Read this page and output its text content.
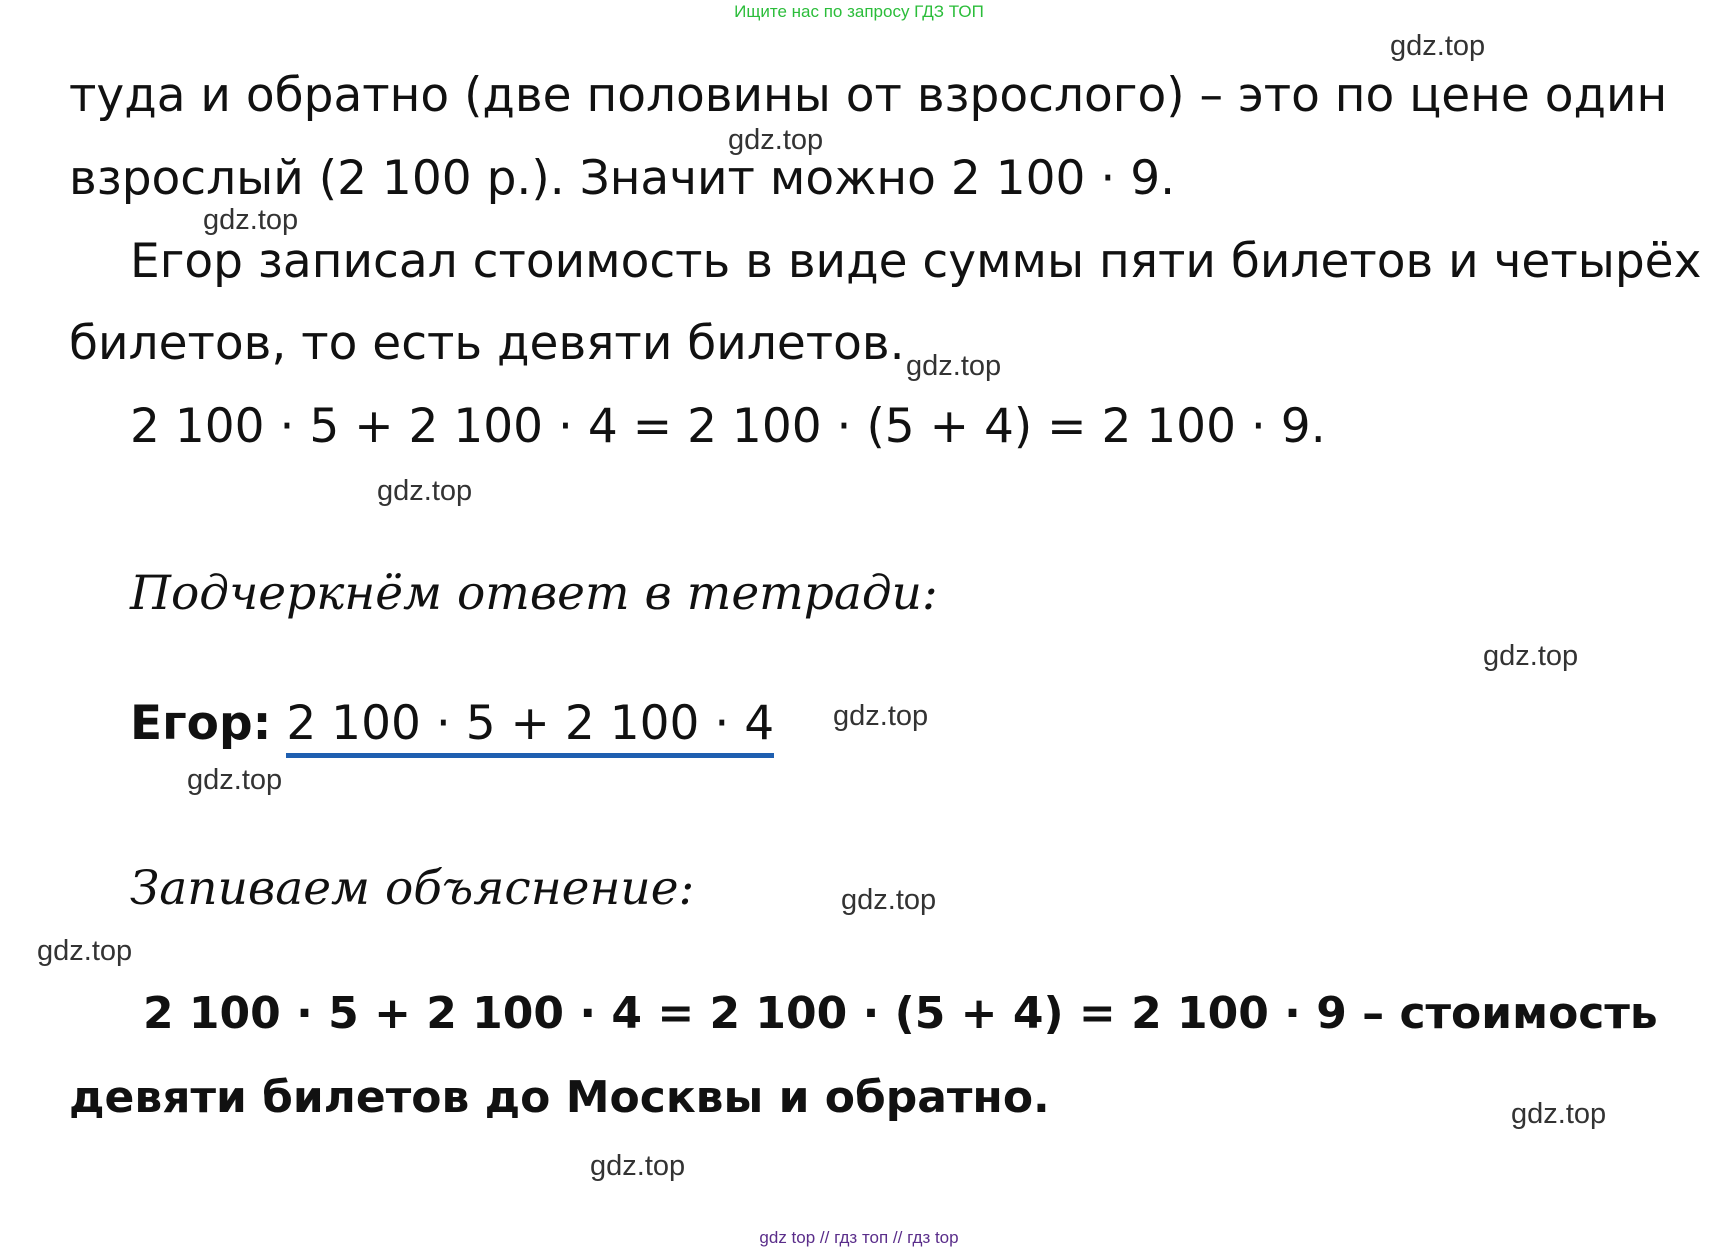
Ищите нас по запросу ГДЗ ТОП
туда и обратно (две половины от взрослого) – это по цене один
взрослый (2 100 р.). Значит можно 2 100 · 9.
Егор записал стоимость в виде суммы пяти билетов и четырёх
билетов, то есть девяти билетов.
2 100 · 5 + 2 100 · 4 = 2 100 · (5 + 4) = 2 100 · 9.
Подчеркнём ответ в тетради:
Егор: 2 100 · 5 + 2 100 · 4
Запиваем объяснение:
2 100 · 5 + 2 100 · 4 = 2 100 · (5 + 4) = 2 100 · 9 – стоимость
девяти билетов до Москвы и обратно.
gdz.top
gdz.top
gdz.top
gdz.top
gdz.top
gdz.top
gdz.top
gdz.top
gdz.top
gdz.top
gdz.top
gdz.top
gdz top // гдз топ // гдз top
